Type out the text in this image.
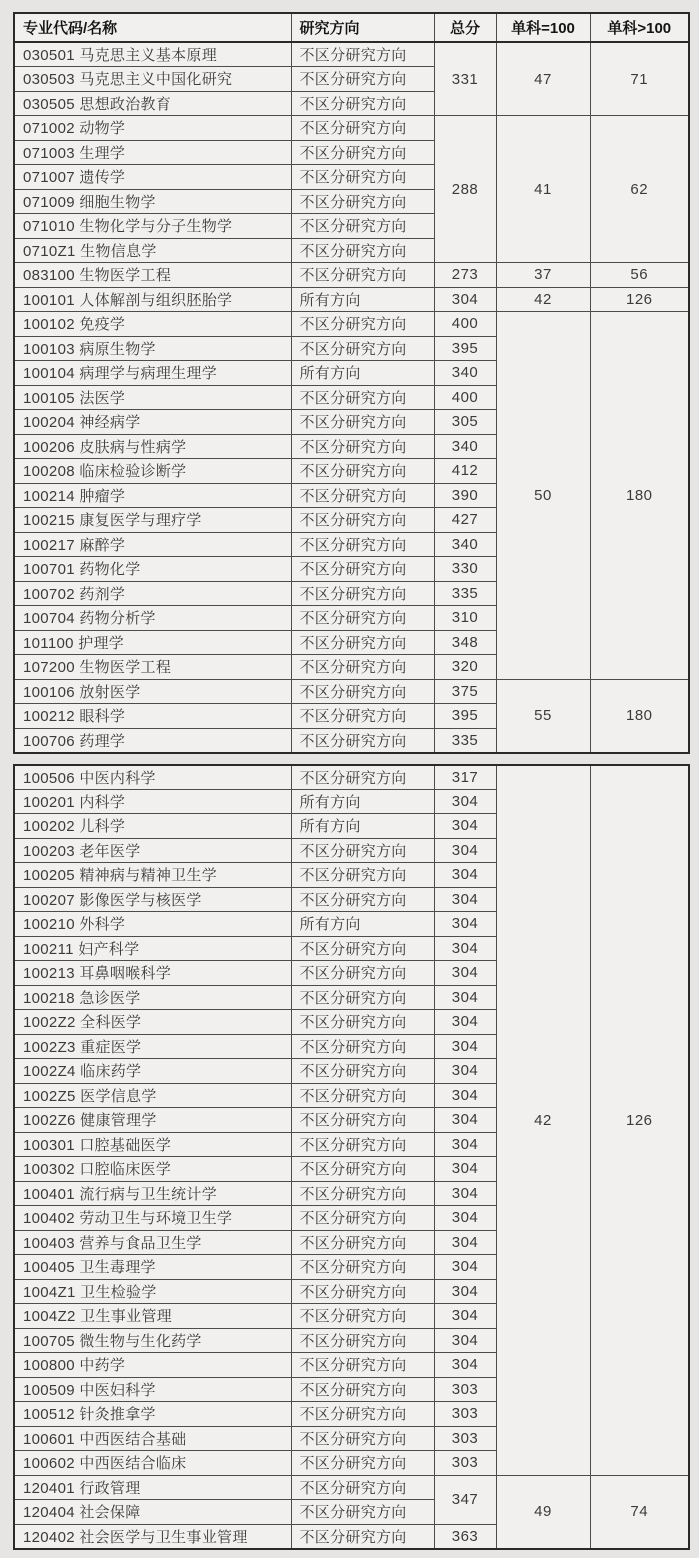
专业代码/名称	研究方向	总分	单科=100	单科>100
030501 马克思主义基本原理	不区分研究方向	331	47	71
030503 马克思主义中国化研究	不区分研究方向			
030505 思想政治教育	不区分研究方向			
071002 动物学	不区分研究方向	288	41	62
071003 生理学	不区分研究方向			
071007 遗传学	不区分研究方向			
071009 细胞生物学	不区分研究方向			
071010 生物化学与分子生物学	不区分研究方向			
0710Z1 生物信息学	不区分研究方向			
083100 生物医学工程	不区分研究方向	273	37	56
100101 人体解剖与组织胚胎学	所有方向	304	42	126
100102 免疫学	不区分研究方向	400	50	180
100103 病原生物学	不区分研究方向	395		
100104 病理学与病理生理学	所有方向	340		
100105 法医学	不区分研究方向	400		
100204 神经病学	不区分研究方向	305		
100206 皮肤病与性病学	不区分研究方向	340		
100208 临床检验诊断学	不区分研究方向	412		
100214 肿瘤学	不区分研究方向	390		
100215 康复医学与理疗学	不区分研究方向	427		
100217 麻醉学	不区分研究方向	340		
100701 药物化学	不区分研究方向	330		
100702 药剂学	不区分研究方向	335		
100704 药物分析学	不区分研究方向	310		
101100 护理学	不区分研究方向	348		
107200 生物医学工程	不区分研究方向	320		
100106 放射医学	不区分研究方向	375	55	180
100212 眼科学	不区分研究方向	395		
100706 药理学	不区分研究方向	335		
100506 中医内科学	不区分研究方向	317	42	126
100201 内科学	所有方向	304		
100202 儿科学	所有方向	304		
100203 老年医学	不区分研究方向	304		
100205 精神病与精神卫生学	不区分研究方向	304		
100207 影像医学与核医学	不区分研究方向	304		
100210 外科学	所有方向	304		
100211 妇产科学	不区分研究方向	304		
100213 耳鼻咽喉科学	不区分研究方向	304		
100218 急诊医学	不区分研究方向	304		
1002Z2 全科医学	不区分研究方向	304		
1002Z3 重症医学	不区分研究方向	304		
1002Z4 临床药学	不区分研究方向	304		
1002Z5 医学信息学	不区分研究方向	304		
1002Z6 健康管理学	不区分研究方向	304		
100301 口腔基础医学	不区分研究方向	304		
100302 口腔临床医学	不区分研究方向	304		
100401 流行病与卫生统计学	不区分研究方向	304		
100402 劳动卫生与环境卫生学	不区分研究方向	304		
100403 营养与食品卫生学	不区分研究方向	304		
100405 卫生毒理学	不区分研究方向	304		
1004Z1 卫生检验学	不区分研究方向	304		
1004Z2 卫生事业管理	不区分研究方向	304		
100705 微生物与生化药学	不区分研究方向	304		
100800 中药学	不区分研究方向	304		
100509 中医妇科学	不区分研究方向	303		
100512 针灸推拿学	不区分研究方向	303		
100601 中西医结合基础	不区分研究方向	303		
100602 中西医结合临床	不区分研究方向	303		
120401 行政管理	不区分研究方向	347	49	74
120404 社会保障	不区分研究方向			
120402 社会医学与卫生事业管理	不区分研究方向	363		
